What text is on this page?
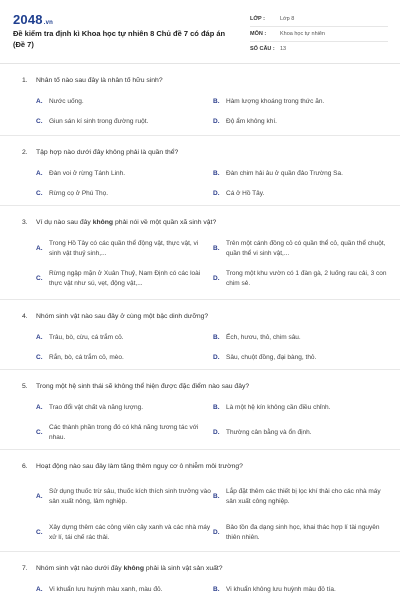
2048.vn
Đề kiểm tra định kì Khoa học tự nhiên 8 Chủ đề 7 có đáp án (Đề 7)
LỚP :	Lớp 8
MÔN :	Khoa học tự nhiên
SỐ CÂU : 13
1. Nhân tố nào sau đây là nhân tố hữu sinh?
A.	Nước uống.	B.	Hàm lượng khoáng trong thức ăn.
C.	Giun sán kí sinh trong đường ruột.	D.	Độ ẩm không khí.
2. Tập hợp nào dưới đây không phải là quần thể?
A.	Đàn voi ở rừng Tánh Linh.	B.	Đàn chim hải âu ở quần đảo Trường Sa.
C.	Rừng cọ ở Phú Thọ.	D.	Cá ở Hồ Tây.
3. Ví dụ nào sau đây không phải nói về một quần xã sinh vật?
A.
Trong Hồ Tây có các quần thể động vật, thực vật, vi sinh vật thuỷ sinh,...
B.
Trên một cánh đồng cỏ có quần thể cỏ, quần thể chuột, quần thể vi sinh vật,...
C.
Rừng ngập mặn ở Xuân Thuỷ, Nam Định có các loài thực vật như sú, vẹt, động vật,...
D.
Trong một khu vườn có 1 đàn gà, 2 luống rau cải, 3 con chim sẻ.
4. Nhóm sinh vật nào sau đây ở cùng một bậc dinh dưỡng?
A.	Trâu, bò, cừu, cá trắm cỏ.	B.	Ếch, hươu, thỏ, chim sâu.
C.	Rắn, bò, cá trắm cỏ, mèo.	D.	Sâu, chuột đồng, đại bàng, thỏ.
5. Trong một hệ sinh thái sẽ không thể hiện được đặc điểm nào sau đây?
A.	Trao đổi vật chất và năng lượng.	B.	Là một hệ kín không cần điều chỉnh.
C.
Các thành phần trong đó có khả năng tương tác với nhau.
D.	Thường cân bằng và ổn định.
6. Hoạt động nào sau đây làm tăng thêm nguy cơ ô nhiễm môi trường?
A.
Sử dụng thuốc trừ sâu, thuốc kích thích sinh trưởng vào sản xuất nông, lâm nghiệp.
B.
Lắp đặt thêm các thiết bị lọc khí thải cho các nhà máy sản xuất công nghiệp.
C.
Xây dựng thêm các công viên cây xanh và các nhà máy xử lí, tái chế rác thải.
D.
Bảo tồn đa dạng sinh học, khai thác hợp lí tài nguyên thiên nhiên.
7. Nhóm sinh vật nào dưới đây không phải là sinh vật sản xuất?
A.	Vi khuẩn lưu huỳnh màu xanh, màu đỏ.	B.	Vi khuẩn không lưu huỳnh màu đỏ tía.
